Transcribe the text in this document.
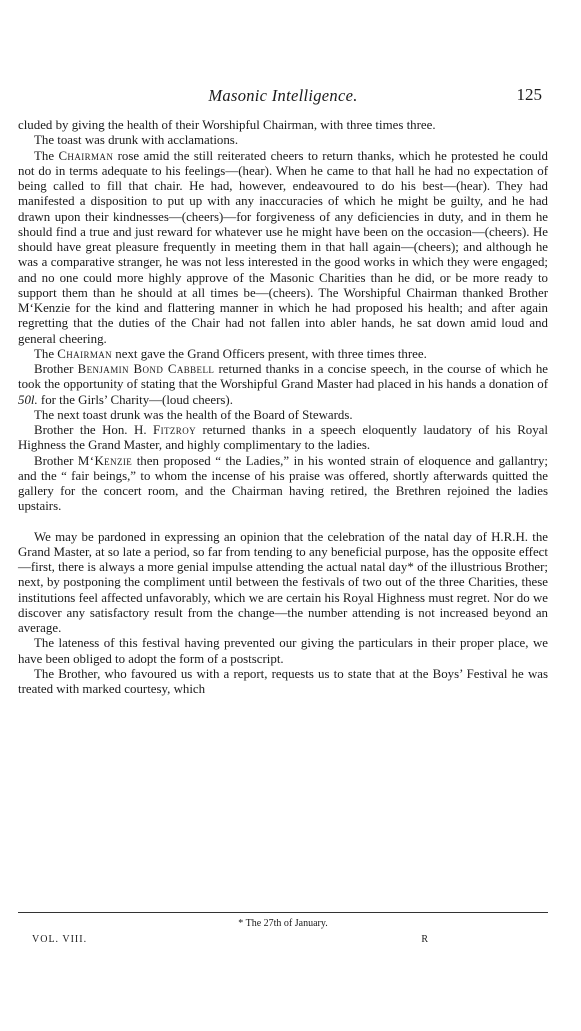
Masonic Intelligence.	125

cluded by giving the health of their Worshipful Chairman, with three times three.

The toast was drunk with acclamations.

The Chairman rose amid the still reiterated cheers to return thanks, which he protested he could not do in terms adequate to his feelings—(hear). When he came to that hall he had no expectation of being called to fill that chair. He had, however, endeavoured to do his best—(hear). They had manifested a disposition to put up with any inaccuracies of which he might be guilty, and he had drawn upon their kindnesses—(cheers)—for forgiveness of any deficiencies in duty, and in them he should find a true and just reward for whatever use he might have been on the occasion—(cheers). He should have great pleasure frequently in meeting them in that hall again—(cheers); and although he was a comparative stranger, he was not less interested in the good works in which they were engaged; and no one could more highly approve of the Masonic Charities than he did, or be more ready to support them than he should at all times be—(cheers). The Worshipful Chairman thanked Brother M‘Kenzie for the kind and flattering manner in which he had proposed his health; and after again regretting that the duties of the Chair had not fallen into abler hands, he sat down amid loud and general cheering.

The Chairman next gave the Grand Officers present, with three times three.

Brother Benjamin Bond Cabbell returned thanks in a concise speech, in the course of which he took the opportunity of stating that the Worshipful Grand Master had placed in his hands a donation of 50l. for the Girls’ Charity—(loud cheers).

The next toast drunk was the health of the Board of Stewards.

Brother the Hon. H. Fitzroy returned thanks in a speech eloquently laudatory of his Royal Highness the Grand Master, and highly complimentary to the ladies.

Brother M‘Kenzie then proposed “ the Ladies,” in his wonted strain of eloquence and gallantry; and the “ fair beings,” to whom the incense of his praise was offered, shortly afterwards quitted the gallery for the concert room, and the Chairman having retired, the Brethren rejoined the ladies upstairs.

We may be pardoned in expressing an opinion that the celebration of the natal day of H.R.H. the Grand Master, at so late a period, so far from tending to any beneficial purpose, has the opposite effect—first, there is always a more genial impulse attending the actual natal day* of the illustrious Brother; next, by postponing the compliment until between the festivals of two out of the three Charities, these institutions feel affected unfavorably, which we are certain his Royal Highness must regret. Nor do we discover any satisfactory result from the change—the number attending is not increased beyond an average.

The lateness of this festival having prevented our giving the particulars in their proper place, we have been obliged to adopt the form of a postscript.

The Brother, who favoured us with a report, requests us to state that at the Boys’ Festival he was treated with marked courtesy, which

* The 27th of January.
VOL. VIII.	R
